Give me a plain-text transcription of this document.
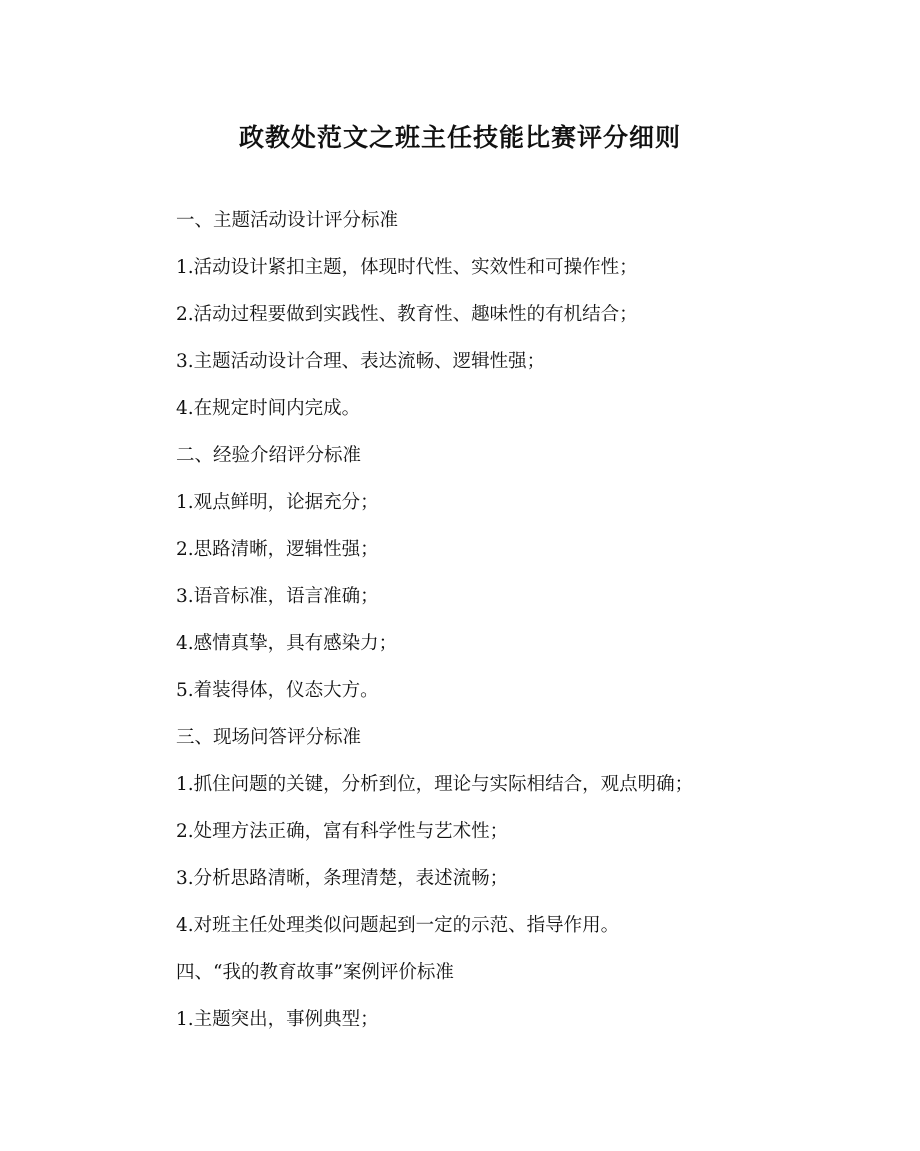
政教处范文之班主任技能比赛评分细则

一、主题活动设计评分标准

1.活动设计紧扣主题，体现时代性、实效性和可操作性；

2.活动过程要做到实践性、教育性、趣味性的有机结合；

3.主题活动设计合理、表达流畅、逻辑性强；

4.在规定时间内完成。

二、经验介绍评分标准

1.观点鲜明，论据充分；

2.思路清晰，逻辑性强；

3.语音标准，语言准确；

4.感情真挚，具有感染力；

5.着装得体，仪态大方。

三、现场问答评分标准

1.抓住问题的关键，分析到位，理论与实际相结合，观点明确；

2.处理方法正确，富有科学性与艺术性；

3.分析思路清晰，条理清楚，表述流畅；

4.对班主任处理类似问题起到一定的示范、指导作用。

四、“我的教育故事”案例评价标准

1.主题突出，事例典型；
